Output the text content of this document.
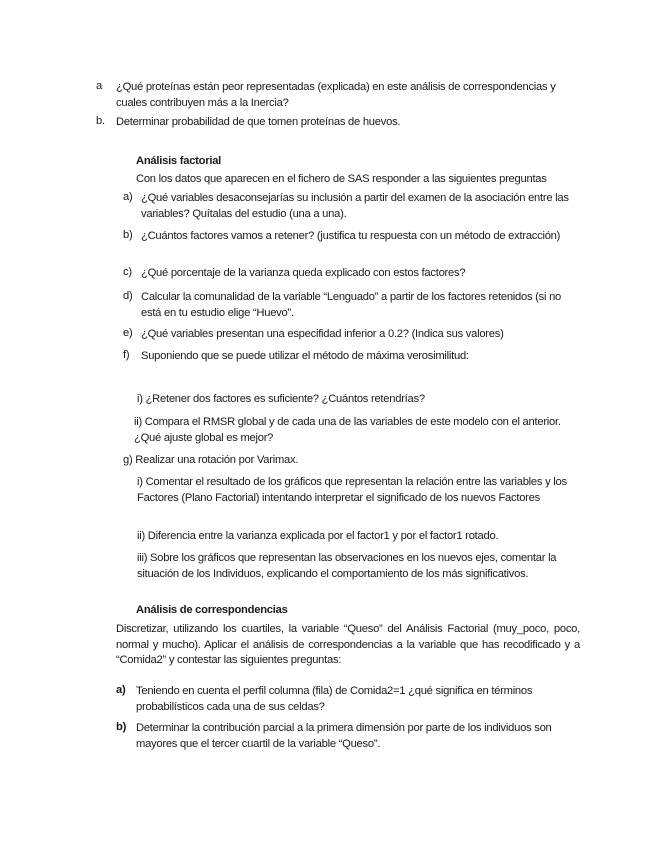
a ¿Qué proteínas están peor representadas (explicada) en este análisis de correspondencias y cuales contribuyen más a la Inercia?
b. Determinar probabilidad de que tomen proteínas de huevos.
Análisis factorial
Con los datos que aparecen en el fichero de SAS responder a las siguientes preguntas
a) ¿Qué variables desaconsejarías su inclusión a partir del examen de la asociación entre las variables? Quítalas del estudio (una a una).
b) ¿Cuántos factores vamos a retener? (justifica tu respuesta con un método de extracción)
c) ¿Qué porcentaje de la varianza queda explicado con estos factores?
d) Calcular la comunalidad de la variable “Lenguado” a partir de los factores retenidos (si no está en tu estudio elige “Huevo”.
e) ¿Qué variables presentan una especifidad inferior a 0.2? (Indica sus valores)
f) Suponiendo que se puede utilizar el método de máxima verosimilitud:
i) ¿Retener dos factores es suficiente? ¿Cuántos retendrías?
ii) Compara el RMSR global y de cada una de las variables de este modelo con el anterior. ¿Qué ajuste global es mejor?
g) Realizar una rotación por Varimax.
i) Comentar el resultado de los gráficos que representan la relación entre las variables y los Factores (Plano Factorial) intentando interpretar el significado de los nuevos Factores
ii) Diferencia entre la varianza explicada por el factor1 y por el factor1 rotado.
iii) Sobre los gráficos que representan las observaciones en los nuevos ejes, comentar la situación de los Individuos, explicando el comportamiento de los más significativos.
Análisis de correspondencias
Discretizar, utilizando los cuartiles, la variable “Queso” del Análisis Factorial (muy_poco, poco, normal y mucho). Aplicar el análisis de correspondencias a la variable que has recodificado y a “Comida2” y contestar las siguientes preguntas:
a) Teniendo en cuenta el perfil columna (fila) de Comida2=1 ¿qué significa en términos probabilísticos cada una de sus celdas?
b) Determinar la contribución parcial a la primera dimensión por parte de los individuos son mayores que el tercer cuartil de la variable “Queso”.
